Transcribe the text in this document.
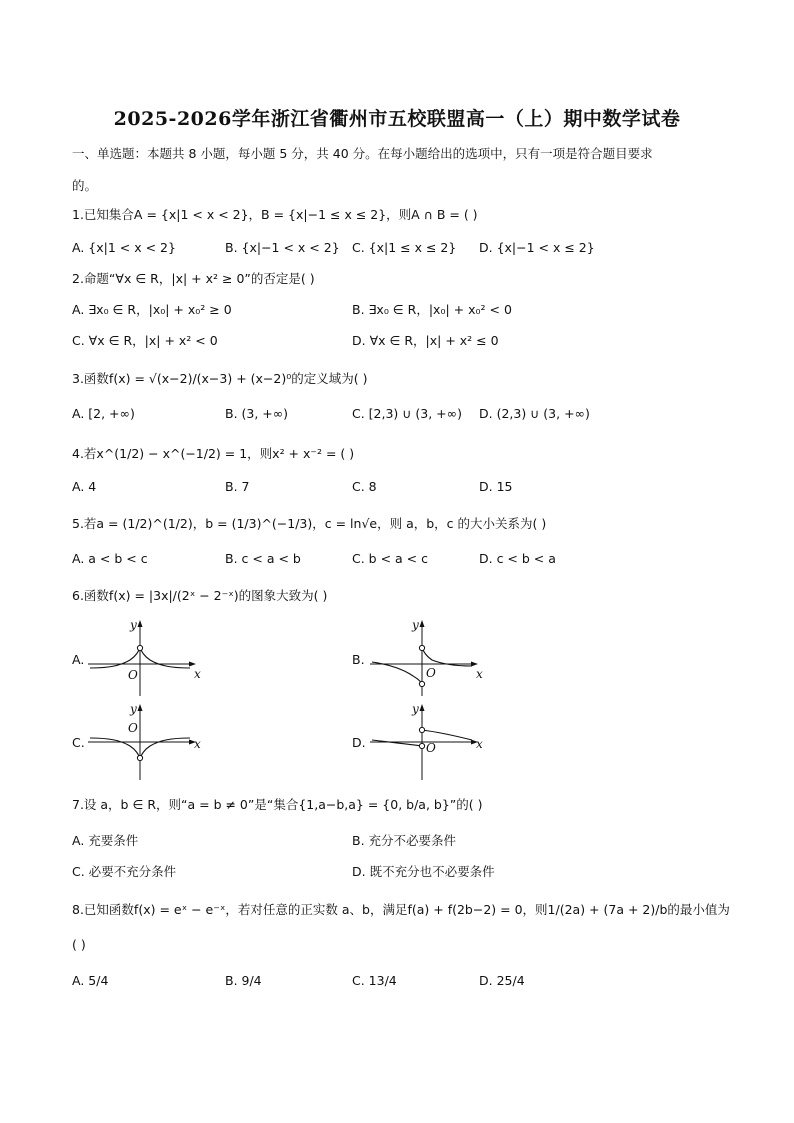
2025-2026学年浙江省衢州市五校联盟高一（上）期中数学试卷
一、单选题：本题共 8 小题，每小题 5 分，共 40 分。在每小题给出的选项中，只有一项是符合题目要求
的。
1.已知集合A = {x|1 < x < 2}，B = {x|−1 ≤ x ≤ 2}，则A ∩ B = ( )
A. {x|1 < x < 2}	B. {x|−1 < x < 2} C. {x|1 ≤ x ≤ 2} D. {x|−1 < x ≤ 2}
2.命题“∀x ∈ R，|x| + x² ≥ 0”的否定是( )
A. ∃x₀ ∈ R，|x₀| + x₀² ≥ 0	B. ∃x₀ ∈ R，|x₀| + x₀² < 0
C. ∀x ∈ R，|x| + x² < 0	D. ∀x ∈ R，|x| + x² ≤ 0
3.函数f(x) = √(x−2)/(x−3) + (x−2)⁰的定义域为( )
A. [2, +∞)	B. (3, +∞)	C. [2,3) ∪ (3, +∞) D. (2,3) ∪ (3, +∞)
4.若x^(1/2) − x^(−1/2) = 1，则x² + x⁻² = ( )
A. 4	B. 7	C. 8	D. 15
5.若a = (1/2)^(1/2)，b = (1/3)^(−1/3)，c = ln√e，则 a，b，c 的大小关系为( )
A. a < b < c	B. c < a < b	C. b < a < c	D. c < b < a
6.函数f(x) = |3x|/(2ˣ − 2⁻ˣ)的图象大致为( )
A.
y
x
O
B.
y
x
O
C.
y
x
O
D.
y
x
O
7.设 a，b ∈ R，则“a = b ≠ 0”是“集合{1,a−b,a} = {0, b/a, b}”的( )
A. 充要条件	B. 充分不必要条件
C. 必要不充分条件	D. 既不充分也不必要条件
8.已知函数f(x) = eˣ − e⁻ˣ，若对任意的正实数 a、b，满足f(a) + f(2b−2) = 0，则1/(2a) + (7a + 2)/b的最小值为
( )
A. 5/4	B. 9/4	C. 13/4	D. 25/4
